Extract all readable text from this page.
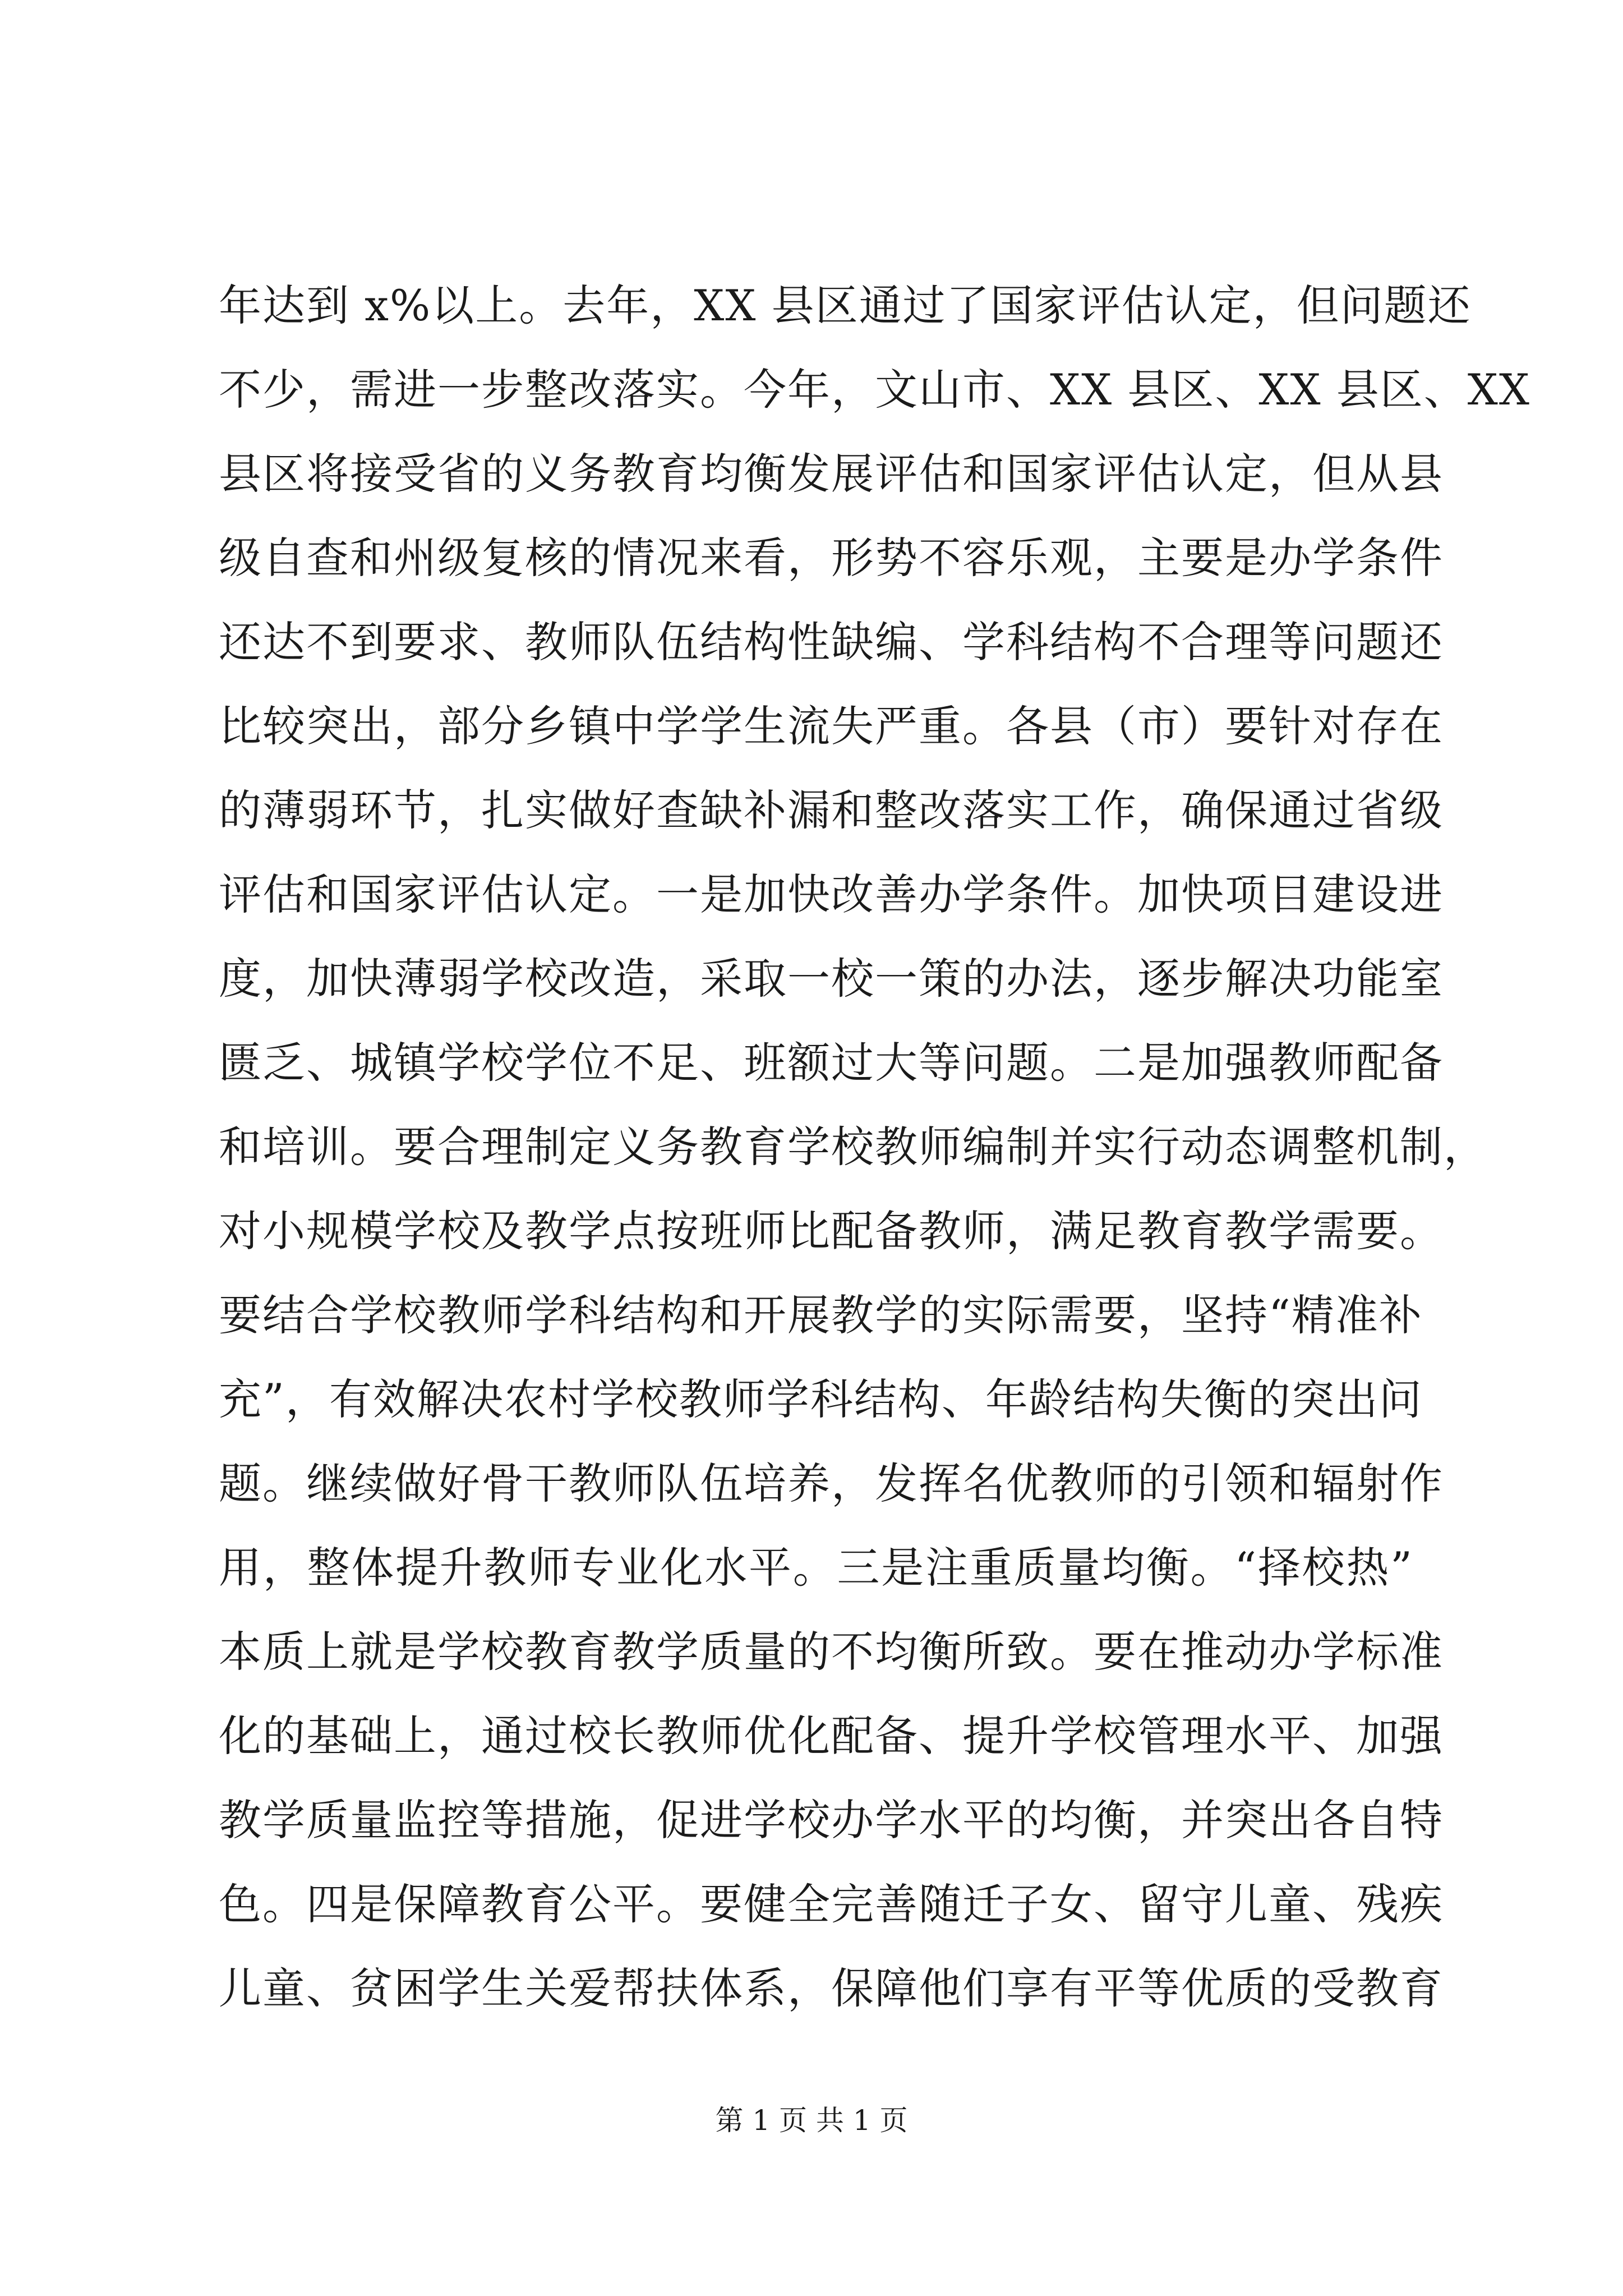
年达到 x%以上。去年，XX 县区通过了国家评估认定，但问题还
不少，需进一步整改落实。今年，文山市、XX 县区、XX 县区、XX
县区将接受省的义务教育均衡发展评估和国家评估认定，但从县
级自查和州级复核的情况来看，形势不容乐观，主要是办学条件
还达不到要求、教师队伍结构性缺编、学科结构不合理等问题还
比较突出，部分乡镇中学学生流失严重。各县（市）要针对存在
的薄弱环节，扎实做好查缺补漏和整改落实工作，确保通过省级
评估和国家评估认定。一是加快改善办学条件。加快项目建设进
度，加快薄弱学校改造，采取一校一策的办法，逐步解决功能室
匮乏、城镇学校学位不足、班额过大等问题。二是加强教师配备
和培训。要合理制定义务教育学校教师编制并实行动态调整机制，
对小规模学校及教学点按班师比配备教师，满足教育教学需要。
要结合学校教师学科结构和开展教学的实际需要，坚持“精准补
充”，有效解决农村学校教师学科结构、年龄结构失衡的突出问
题。继续做好骨干教师队伍培养，发挥名优教师的引领和辐射作
用，整体提升教师专业化水平。三是注重质量均衡。“择校热”
本质上就是学校教育教学质量的不均衡所致。要在推动办学标准
化的基础上，通过校长教师优化配备、提升学校管理水平、加强
教学质量监控等措施，促进学校办学水平的均衡，并突出各自特
色。四是保障教育公平。要健全完善随迁子女、留守儿童、残疾
儿童、贫困学生关爱帮扶体系，保障他们享有平等优质的受教育
第 1 页 共 1 页
